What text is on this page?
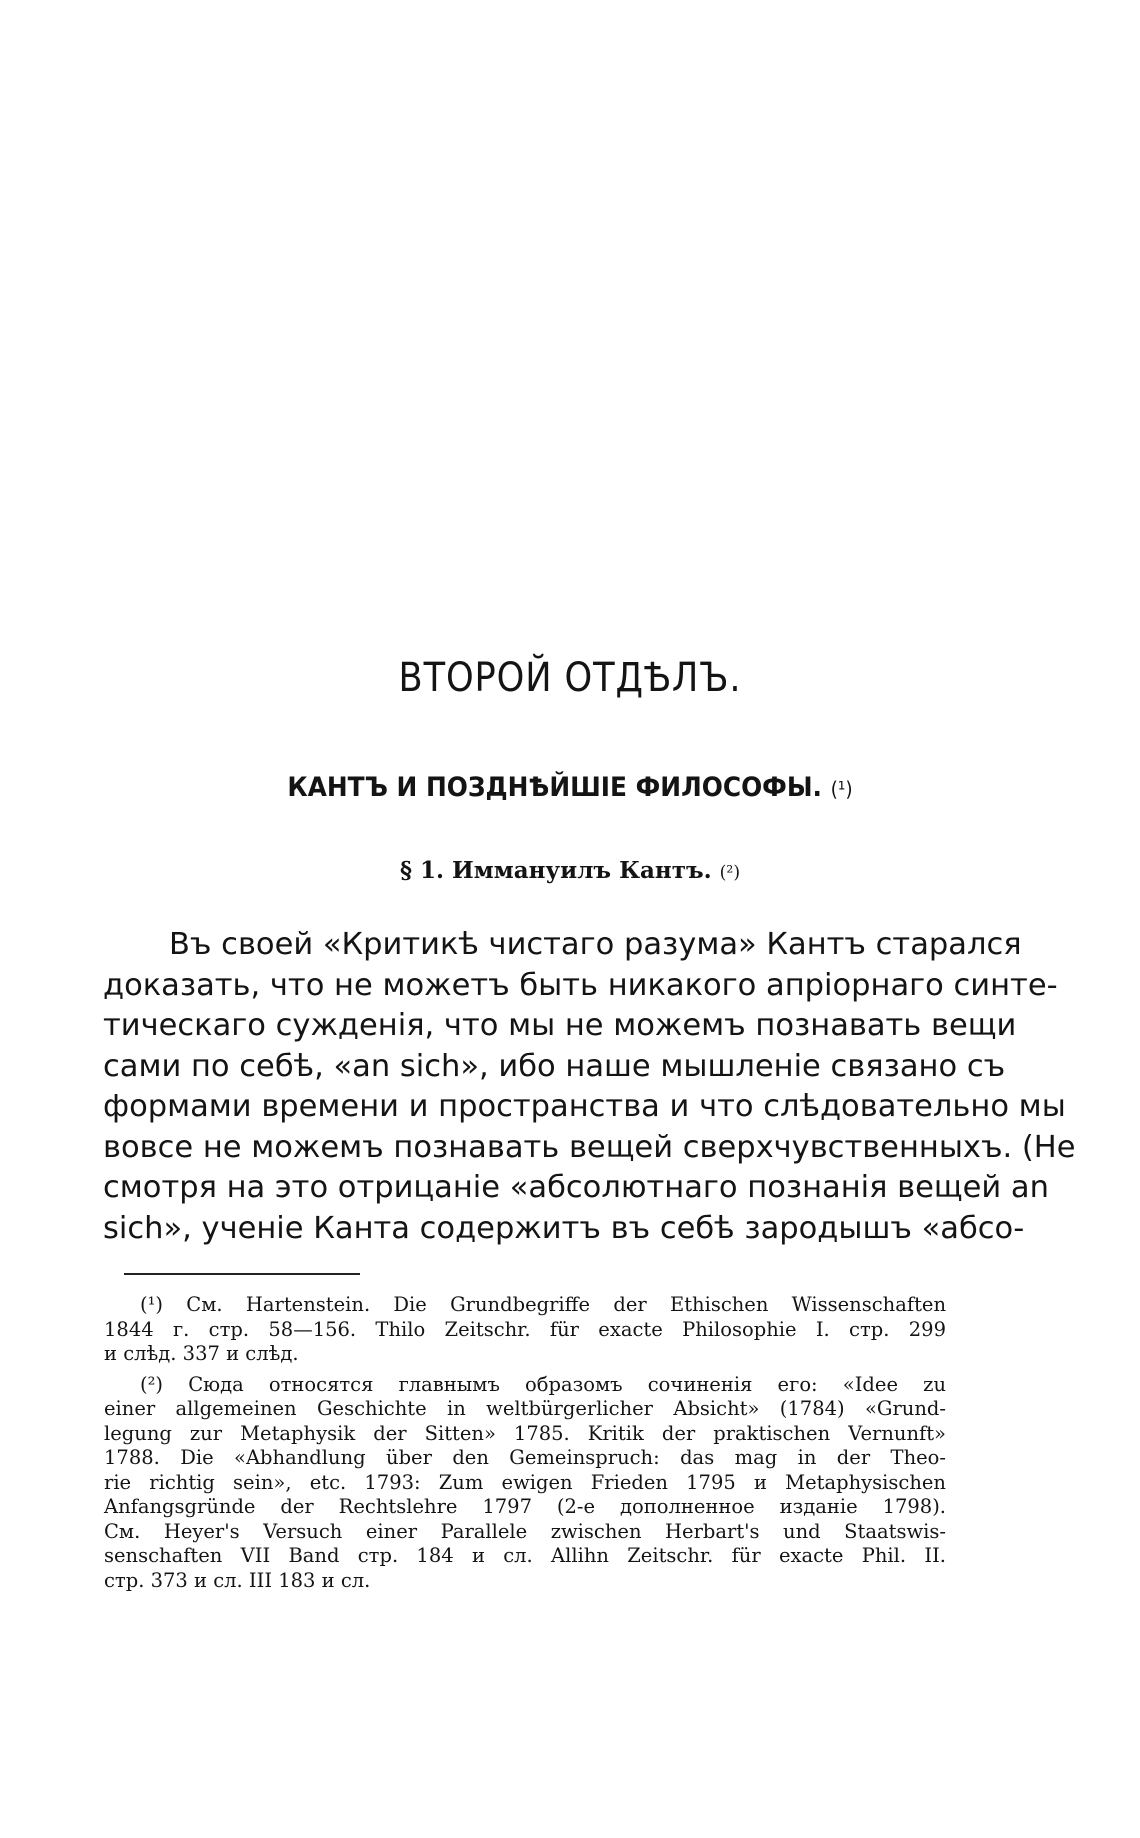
ВТОРОЙ ОТДѢЛЪ.
КАНТЪ И ПОЗДНѢЙШІЕ ФИЛОСОФЫ. (¹)
§ 1. Иммануилъ Кантъ. (²)
Въ своей «Критикѣ чистаго разума» Кантъ старался
доказать, что не можетъ быть никакого апріорнаго синте-
тическаго сужденія, что мы не можемъ познавать вещи
сами по себѣ, «an sich», ибо наше мышленіе связано съ
формами времени и пространства и что слѣдовательно мы
вовсе не можемъ познавать вещей сверхчувственныхъ. (Не
смотря на это отрицаніе «абсолютнаго познанія вещей an
sich», ученіе Канта содержитъ въ себѣ зародышъ «абсо-
(¹) См. Hartenstein. Die Grundbegriffe der Ethischen Wissenschaften
1844 г. стр. 58—156. Thilo Zeitschr. für exacte Philosophie I. стр. 299
и слѣд. 337 и слѣд.
(²) Сюда относятся главнымъ образомъ сочиненія его: «Idee zu
einer allgemeinen Geschichte in weltbürgerlicher Absicht» (1784) «Grund-
legung zur Metaphysik der Sitten» 1785. Kritik der praktischen Vernunft»
1788. Die «Abhandlung über den Gemeinspruch: das mag in der Theo-
rie richtig sein», etc. 1793: Zum ewigen Frieden 1795 и Metaphysischen
Anfangsgründe der Rechtslehre 1797 (2-е дополненное изданіе 1798).
См. Heyer's Versuch einer Parallele zwischen Herbart's und Staatswis-
senschaften VII Band стр. 184 и сл. Allihn Zeitschr. für exacte Phil. II.
стр. 373 и сл. III 183 и сл.
